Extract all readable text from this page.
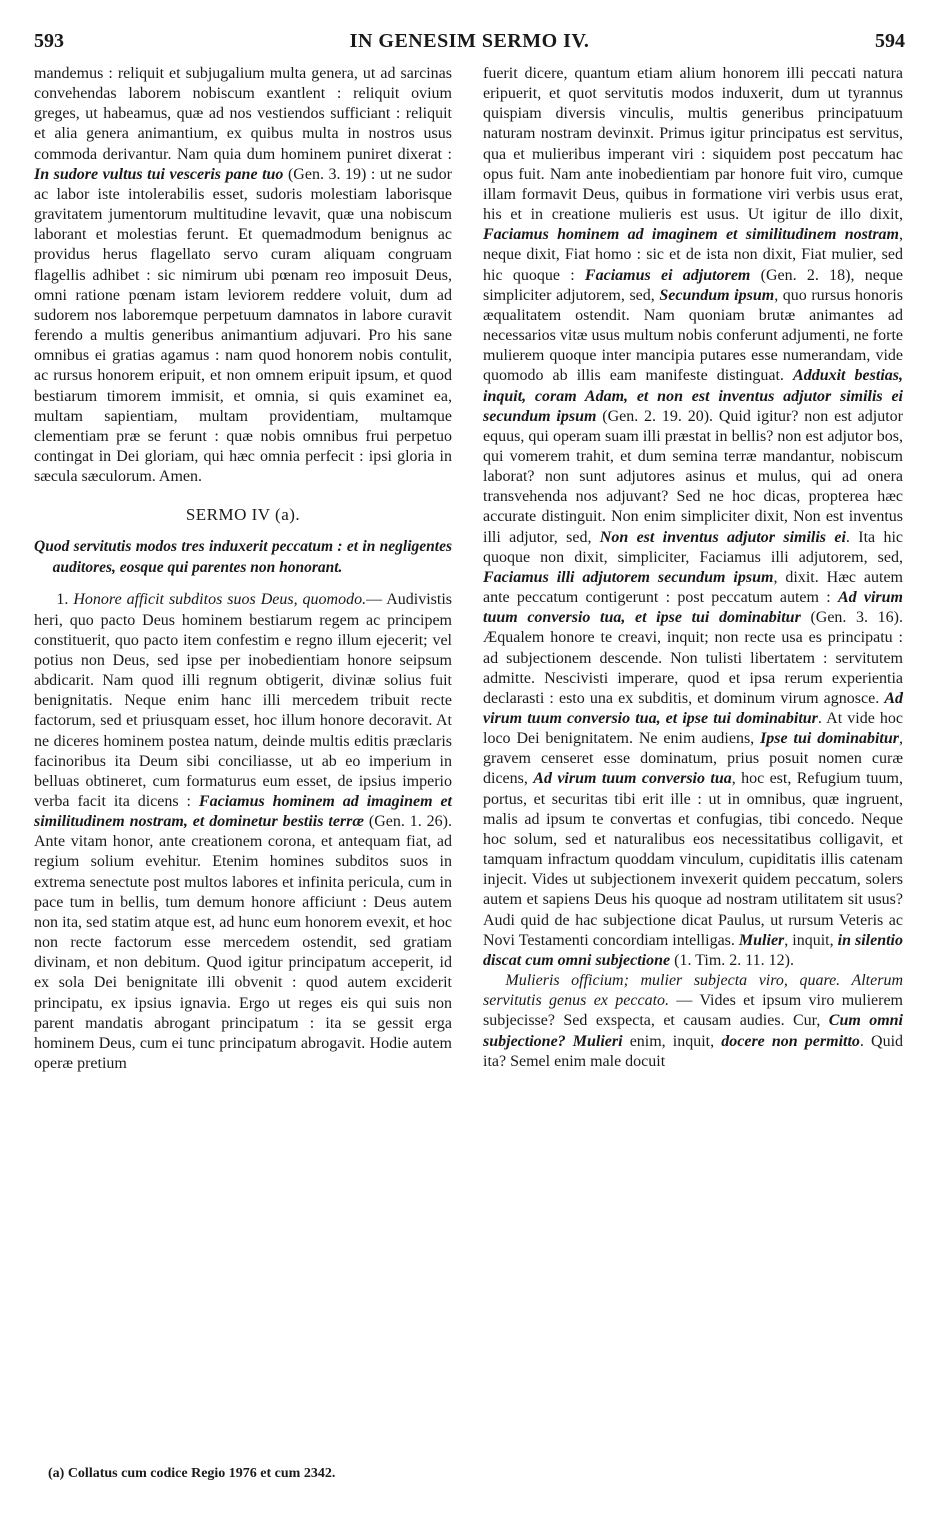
593	IN GENESIM SERMO IV.	594

mandemus : reliquit et subjugalium multa genera, ut ad sarcinas convehendas laborem nobiscum exantlent : reliquit ovium greges, ut habeamus, quæ ad nos vestiendos sufficiant : reliquit et alia genera animantium, ex quibus multa in nostros usus commoda derivantur. Nam quia dum hominem puniret dixerat : In sudore vultus tui vesceris pane tuo (Gen. 3. 19) : ut ne sudor ac labor iste intolerabilis esset, sudoris molestiam laborisque gravitatem jumentorum multitudine levavit, quæ una nobiscum laborant et molestias ferunt. Et quemadmodum benignus ac providus herus flagellato servo curam aliquam congruam flagellis adhibet : sic nimirum ubi pœnam reo imposuit Deus, omni ratione pœnam istam leviorem reddere voluit, dum ad sudorem nos laboremque perpetuum damnatos in labore curavit ferendo a multis generibus animantium adjuvari. Pro his sane omnibus ei gratias agamus : nam quod honorem nobis contulit, ac rursus honorem eripuit, et non omnem eripuit ipsum, et quod bestiarum timorem immisit, et omnia, si quis examinet ea, multam sapientiam, multam providentiam, multamque clementiam præ se ferunt : quæ nobis omnibus frui perpetuo contingat in Dei gloriam, qui hæc omnia perfecit : ipsi gloria in sæcula sæculorum. Amen.

SERMO IV (a).
Quod servitutis modos tres induxerit peccatum : et in negligentes auditores, eosque qui parentes non honorant.

1. Honore afficit subditos suos Deus, quomodo.— Audivistis heri, quo pacto Deus hominem bestiarum regem ac principem constituerit, quo pacto item confestim e regno illum ejecerit; vel potius non Deus, sed ipse per inobedientiam honore seipsum abdicarit. Nam quod illi regnum obtigerit, divinæ solius fuit benignitatis. Neque enim hanc illi mercedem tribuit recte factorum, sed et priusquam esset, hoc illum honore decoravit. At ne diceres hominem postea natum, deinde multis editis præclaris facinoribus ita Deum sibi conciliasse, ut ab eo imperium in belluas obtineret, cum formaturus eum esset, de ipsius imperio verba facit ita dicens : Faciamus hominem ad imaginem et similitudinem nostram, et dominetur bestiis terræ (Gen. 1. 26). Ante vitam honor, ante creationem corona, et antequam fiat, ad regium solium evehitur. Etenim homines subditos suos in extrema senectute post multos labores et infinita pericula, cum in pace tum in bellis, tum demum honore afficiunt : Deus autem non ita, sed statim atque est, ad hunc eum honorem evexit, et hoc non recte factorum esse mercedem ostendit, sed gratiam divinam, et non debitum. Quod igitur principatum acceperit, id ex sola Dei benignitate illi obvenit : quod autem exciderit principatu, ex ipsius ignavia. Ergo ut reges eis qui suis non parent mandatis abrogant principatum : ita se gessit erga hominem Deus, cum ei tunc principatum abrogavit. Hodie autem operæ pretium

fuerit dicere, quantum etiam alium honorem illi peccati natura eripuerit, et quot servitutis modos induxerit, dum ut tyrannus quispiam diversis vinculis, multis generibus principatuum naturam nostram devinxit. Primus igitur principatus est servitus, qua et mulieribus imperant viri : siquidem post peccatum hac opus fuit. Nam ante inobedientiam par honore fuit viro, cumque illam formavit Deus, quibus in formatione viri verbis usus erat, his et in creatione mulieris est usus. Ut igitur de illo dixit, Faciamus hominem ad imaginem et similitudinem nostram, neque dixit, Fiat homo : sic et de ista non dixit, Fiat mulier, sed hic quoque : Faciamus ei adjutorem (Gen. 2. 18), neque simpliciter adjutorem, sed, Secundum ipsum, quo rursus honoris æqualitatem ostendit. Nam quoniam brutæ animantes ad necessarios vitæ usus multum nobis conferunt adjumenti, ne forte mulierem quoque inter mancipia putares esse numerandam, vide quomodo ab illis eam manifeste distinguat. Adduxit bestias, inquit, coram Adam, et non est inventus adjutor similis ei secundum ipsum (Gen. 2. 19. 20). Quid igitur? non est adjutor equus, qui operam suam illi præstat in bellis? non est adjutor bos, qui vomerem trahit, et dum semina terræ mandantur, nobiscum laborat? non sunt adjutores asinus et mulus, qui ad onera transvehenda nos adjuvant? Sed ne hoc dicas, propterea hæc accurate distinguit. Non enim simpliciter dixit, Non est inventus illi adjutor, sed, Non est inventus adjutor similis ei. Ita hic quoque non dixit, simpliciter, Faciamus illi adjutorem, sed, Faciamus illi adjutorem secundum ipsum, dixit. Hæc autem ante peccatum contigerunt : post peccatum autem : Ad virum tuum conversio tua, et ipse tui dominabitur (Gen. 3. 16). Æqualem honore te creavi, inquit; non recte usa es principatu : ad subjectionem descende. Non tulisti libertatem : servitutem admitte. Nescivisti imperare, quod et ipsa rerum experientia declarasti : esto una ex subditis, et dominum virum agnosce. Ad virum tuum conversio tua, et ipse tui dominabitur. At vide hoc loco Dei benignitatem. Ne enim audiens, Ipse tui dominabitur, gravem censeret esse dominatum, prius posuit nomen curæ dicens, Ad virum tuum conversio tua, hoc est, Refugium tuum, portus, et securitas tibi erit ille : ut in omnibus, quæ ingruent, malis ad ipsum te convertas et confugias, tibi concedo. Neque hoc solum, sed et naturalibus eos necessitatibus colligavit, et tamquam infractum quoddam vinculum, cupiditatis illis catenam injecit. Vides ut subjectionem invexerit quidem peccatum, solers autem et sapiens Deus his quoque ad nostram utilitatem sit usus? Audi quid de hac subjectione dicat Paulus, ut rursum Veteris ac Novi Testamenti concordiam intelligas. Mulier, inquit, in silentio discat cum omni subjectione (1. Tim. 2. 11. 12).

Mulieris officium; mulier subjecta viro, quare. Alterum servitutis genus ex peccato. — Vides et ipsum viro mulierem subjecisse? Sed exspecta, et causam audies. Cur, Cum omni subjectione? Mulieri enim, inquit, docere non permitto. Quid ita? Semel enim male docuit

(a) Collatus cum codice Regio 1976 et cum 2342.
